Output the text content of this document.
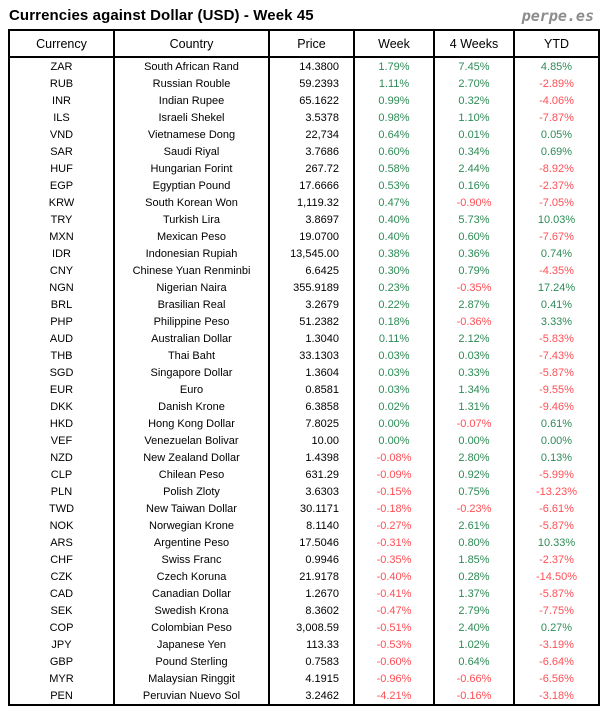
Currencies against Dollar (USD) - Week 45	perpe.es
Currency	Country	Price	Week	4 Weeks	YTD
ZAR	South African Rand	14.3800	1.79%	7.45%	4.85%
RUB	Russian Rouble	59.2393	1.11%	2.70%	-2.89%
INR	Indian Rupee	65.1622	0.99%	0.32%	-4.06%
ILS	Israeli Shekel	3.5378	0.98%	1.10%	-7.87%
VND	Vietnamese Dong	22,734	0.64%	0.01%	0.05%
SAR	Saudi Riyal	3.7686	0.60%	0.34%	0.69%
HUF	Hungarian Forint	267.72	0.58%	2.44%	-8.92%
EGP	Egyptian Pound	17.6666	0.53%	0.16%	-2.37%
KRW	South Korean Won	1,119.32	0.47%	-0.90%	-7.05%
TRY	Turkish Lira	3.8697	0.40%	5.73%	10.03%
MXN	Mexican Peso	19.0700	0.40%	0.60%	-7.67%
IDR	Indonesian Rupiah	13,545.00	0.38%	0.36%	0.74%
CNY	Chinese Yuan Renminbi	6.6425	0.30%	0.79%	-4.35%
NGN	Nigerian Naira	355.9189	0.23%	-0.35%	17.24%
BRL	Brasilian Real	3.2679	0.22%	2.87%	0.41%
PHP	Philippine Peso	51.2382	0.18%	-0.36%	3.33%
AUD	Australian Dollar	1.3040	0.11%	2.12%	-5.83%
THB	Thai Baht	33.1303	0.03%	0.03%	-7.43%
SGD	Singapore Dollar	1.3604	0.03%	0.33%	-5.87%
EUR	Euro	0.8581	0.03%	1.34%	-9.55%
DKK	Danish Krone	6.3858	0.02%	1.31%	-9.46%
HKD	Hong Kong Dollar	7.8025	0.00%	-0.07%	0.61%
VEF	Venezuelan Bolivar	10.00	0.00%	0.00%	0.00%
NZD	New Zealand Dollar	1.4398	-0.08%	2.80%	0.13%
CLP	Chilean Peso	631.29	-0.09%	0.92%	-5.99%
PLN	Polish Zloty	3.6303	-0.15%	0.75%	-13.23%
TWD	New Taiwan Dollar	30.1171	-0.18%	-0.23%	-6.61%
NOK	Norwegian Krone	8.1140	-0.27%	2.61%	-5.87%
ARS	Argentine Peso	17.5046	-0.31%	0.80%	10.33%
CHF	Swiss Franc	0.9946	-0.35%	1.85%	-2.37%
CZK	Czech Koruna	21.9178	-0.40%	0.28%	-14.50%
CAD	Canadian Dollar	1.2670	-0.41%	1.37%	-5.87%
SEK	Swedish Krona	8.3602	-0.47%	2.79%	-7.75%
COP	Colombian Peso	3,008.59	-0.51%	2.40%	0.27%
JPY	Japanese Yen	113.33	-0.53%	1.02%	-3.19%
GBP	Pound Sterling	0.7583	-0.60%	0.64%	-6.64%
MYR	Malaysian Ringgit	4.1915	-0.96%	-0.66%	-6.56%
PEN	Peruvian Nuevo Sol	3.2462	-4.21%	-0.16%	-3.18%
